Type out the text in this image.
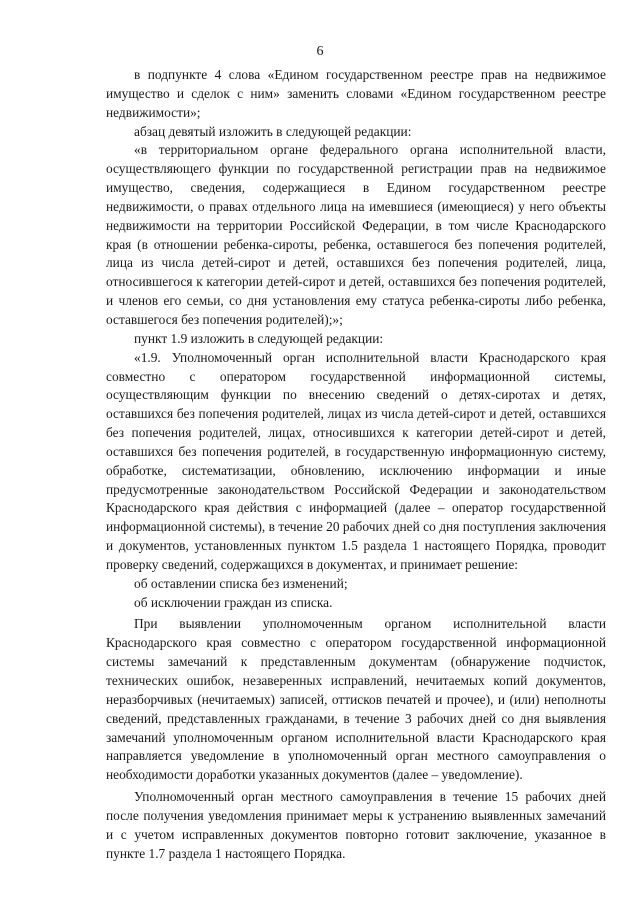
6

в подпункте 4 слова «Едином государственном реестре прав на недвижимое имущество и сделок с ним» заменить словами «Едином государственном реестре недвижимости»;

абзац девятый изложить в следующей редакции:

«в территориальном органе федерального органа исполнительной власти, осуществляющего функции по государственной регистрации прав на недвижимое имущество, сведения, содержащиеся в Едином государственном реестре недвижимости, о правах отдельного лица на имевшиеся (имеющиеся) у него объекты недвижимости на территории Российской Федерации, в том числе Краснодарского края (в отношении ребенка-сироты, ребенка, оставшегося без попечения родителей, лица из числа детей-сирот и детей, оставшихся без попечения родителей, лица, относившегося к категории детей-сирот и детей, оставшихся без попечения родителей, и членов его семьи, со дня установления ему статуса ребенка-сироты либо ребенка, оставшегося без попечения родителей);»;

пункт 1.9 изложить в следующей редакции:

«1.9. Уполномоченный орган исполнительной власти Краснодарского края совместно с оператором государственной информационной системы, осуществляющим функции по внесению сведений о детях-сиротах и детях, оставшихся без попечения родителей, лицах из числа детей-сирот и детей, оставшихся без попечения родителей, лицах, относившихся к категории детей-сирот и детей, оставшихся без попечения родителей, в государственную информационную систему, обработке, систематизации, обновлению, исключению информации и иные предусмотренные законодательством Российской Федерации и законодательством Краснодарского края действия с информацией (далее – оператор государственной информационной системы), в течение 20 рабочих дней со дня поступления заключения и документов, установленных пунктом 1.5 раздела 1 настоящего Порядка, проводит проверку сведений, содержащихся в документах, и принимает решение:

об оставлении списка без изменений;

об исключении граждан из списка.

При выявлении уполномоченным органом исполнительной власти Краснодарского края совместно с оператором государственной информационной системы замечаний к представленным документам (обнаружение подчисток, технических ошибок, незаверенных исправлений, нечитаемых копий документов, неразборчивых (нечитаемых) записей, оттисков печатей и прочее), и (или) неполноты сведений, представленных гражданами, в течение 3 рабочих дней со дня выявления замечаний уполномоченным органом исполнительной власти Краснодарского края направляется уведомление в уполномоченный орган местного самоуправления о необходимости доработки указанных документов (далее – уведомление).

Уполномоченный орган местного самоуправления в течение 15 рабочих дней после получения уведомления принимает меры к устранению выявленных замечаний и с учетом исправленных документов повторно готовит заключение, указанное в пункте 1.7 раздела 1 настоящего Порядка.
